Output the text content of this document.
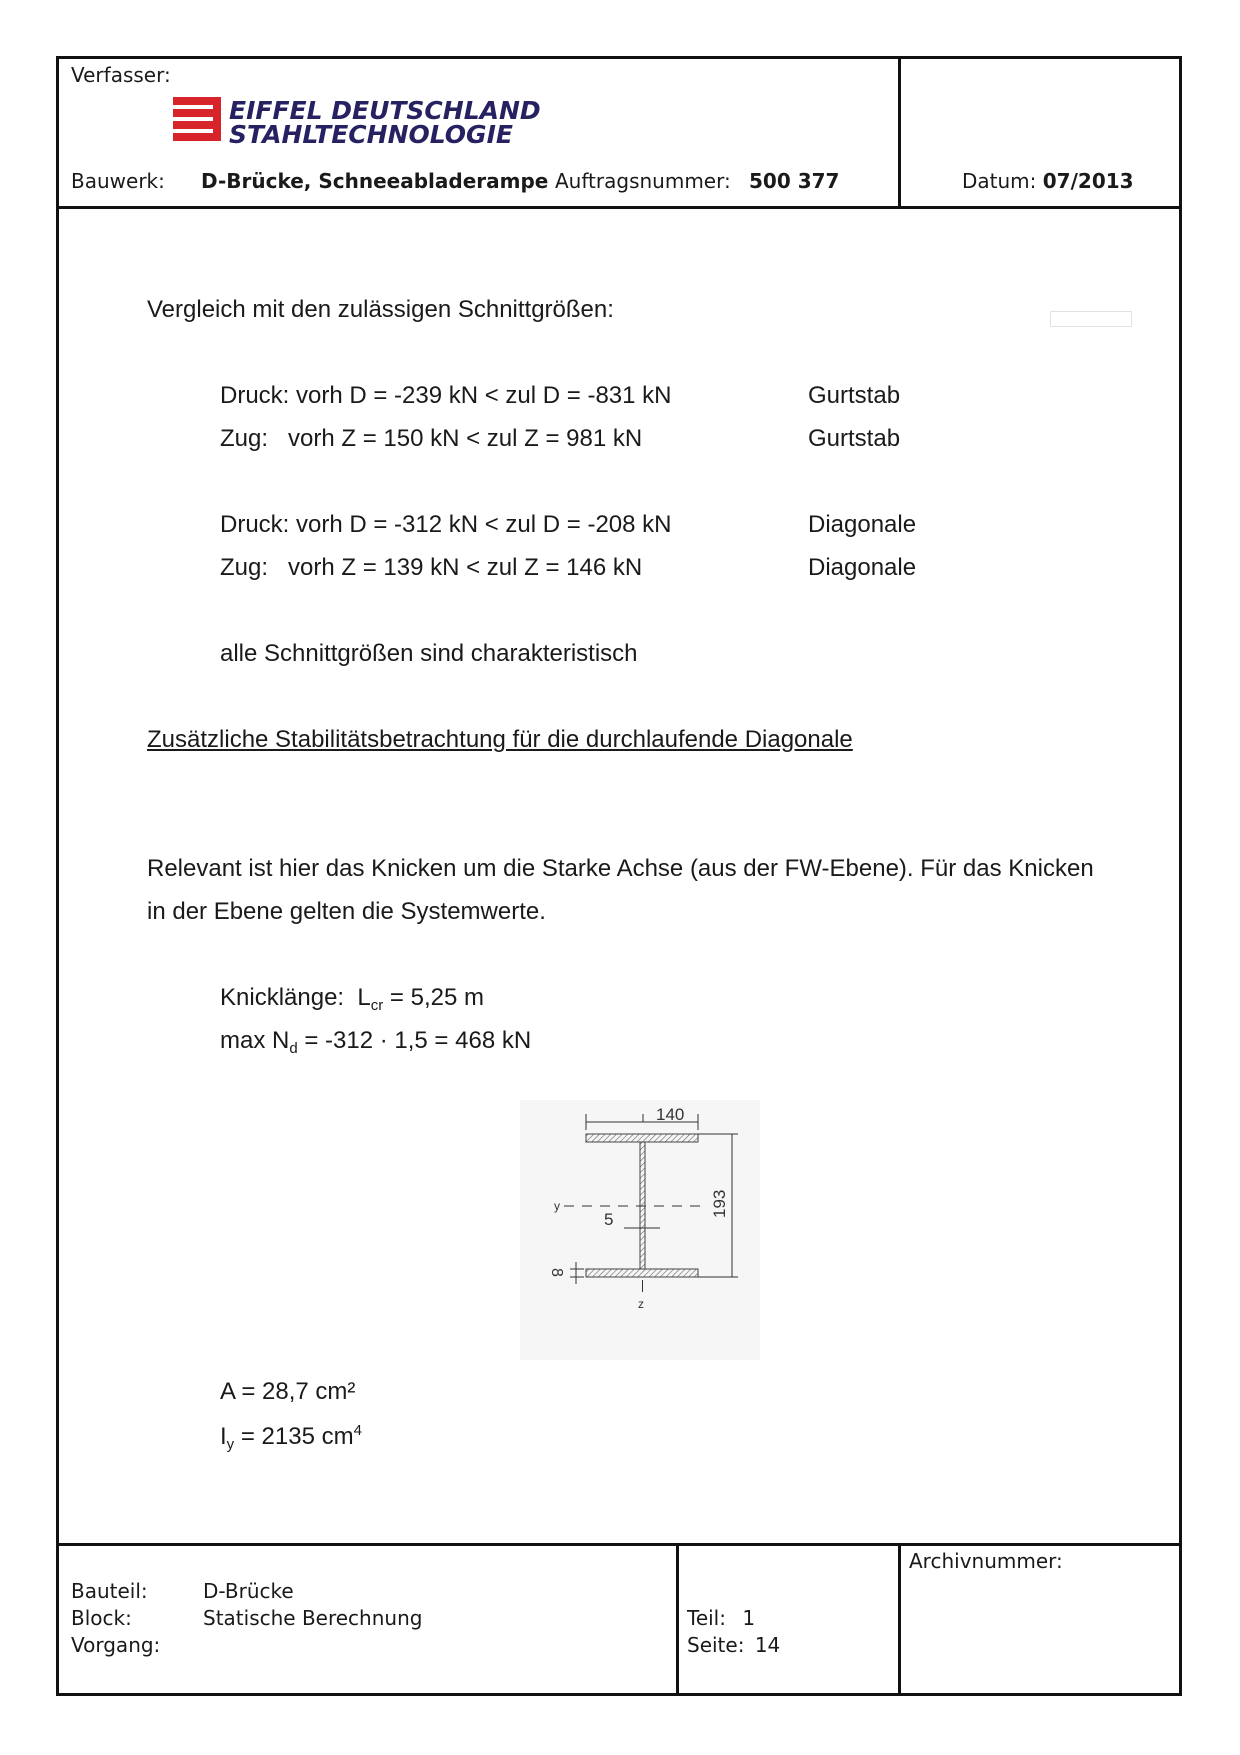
Verfasser:
EIFFEL DEUTSCHLAND
STAHLTECHNOLOGIE
Bauwerk: D-Brücke, Schneeabladerampe Auftragsnummer: 500 377	Datum: 07/2013
Bauteil:	D-Brücke
Block:	Statische Berechnung
Vorgang:
Teil: 1
Seite: 14
Archivnummer:
Vergleich mit den zulässigen Schnittgrößen:
Druck: vorh D = -239 kN < zul D = -831 kN	Gurtstab
Zug:   vorh Z = 150 kN < zul Z = 981 kN	Gurtstab
Druck: vorh D = -312 kN < zul D = -208 kN	Diagonale
Zug:   vorh Z = 139 kN < zul Z = 146 kN	Diagonale
alle Schnittgrößen sind charakteristisch
Zusätzliche Stabilitätsbetrachtung für die durchlaufende Diagonale
Relevant ist hier das Knicken um die Starke Achse (aus der FW-Ebene). Für das Knicken
in der Ebene gelten die Systemwerte.
Knicklänge:  $L_{cr} = 5,25$ m
$\max N_d = -312 \cdot 1,5 = 468$ kN
140
193
y
5
8
z
A = 28,7 cm²
$I_y = 2135$ $cm^4$
